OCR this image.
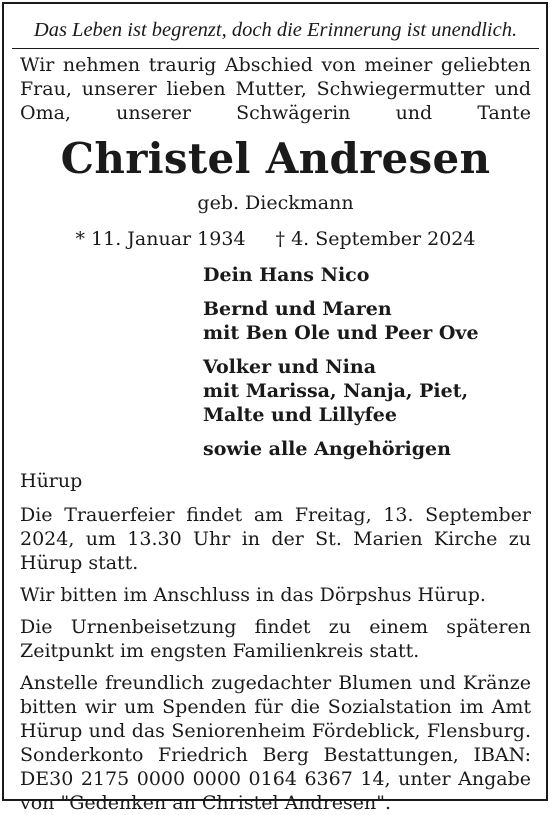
Das Leben ist begrenzt, doch die Erinnerung ist unendlich.

Wir nehmen traurig Abschied von meiner geliebten Frau, unserer lieben Mutter, Schwiegermutter und Oma, unserer Schwägerin und Tante

Christel Andresen
geb. Dieckmann
* 11. Januar 1934 † 4. September 2024
Dein Hans Nico
Bernd und Maren
mit Ben Ole und Peer Ove
Volker und Nina
mit Marissa, Nanja, Piet,
Malte und Lillyfee
sowie alle Angehörigen
Hürup

Die Trauerfeier findet am Freitag, 13. September 2024, um 13.30 Uhr in der St. Marien Kirche zu Hürup statt.

Wir bitten im Anschluss in das Dörpshus Hürup.

Die Urnenbeisetzung findet zu einem späteren Zeitpunkt im engsten Familienkreis statt.

Anstelle freundlich zugedachter Blumen und Kränze bitten wir um Spenden für die Sozialstation im Amt Hürup und das Seniorenheim Fördeblick, Flensburg. Sonderkonto Friedrich Berg Bestattungen, IBAN: DE30 2175 0000 0000 0164 6367 14, unter Angabe von "Gedenken an Christel Andresen".
